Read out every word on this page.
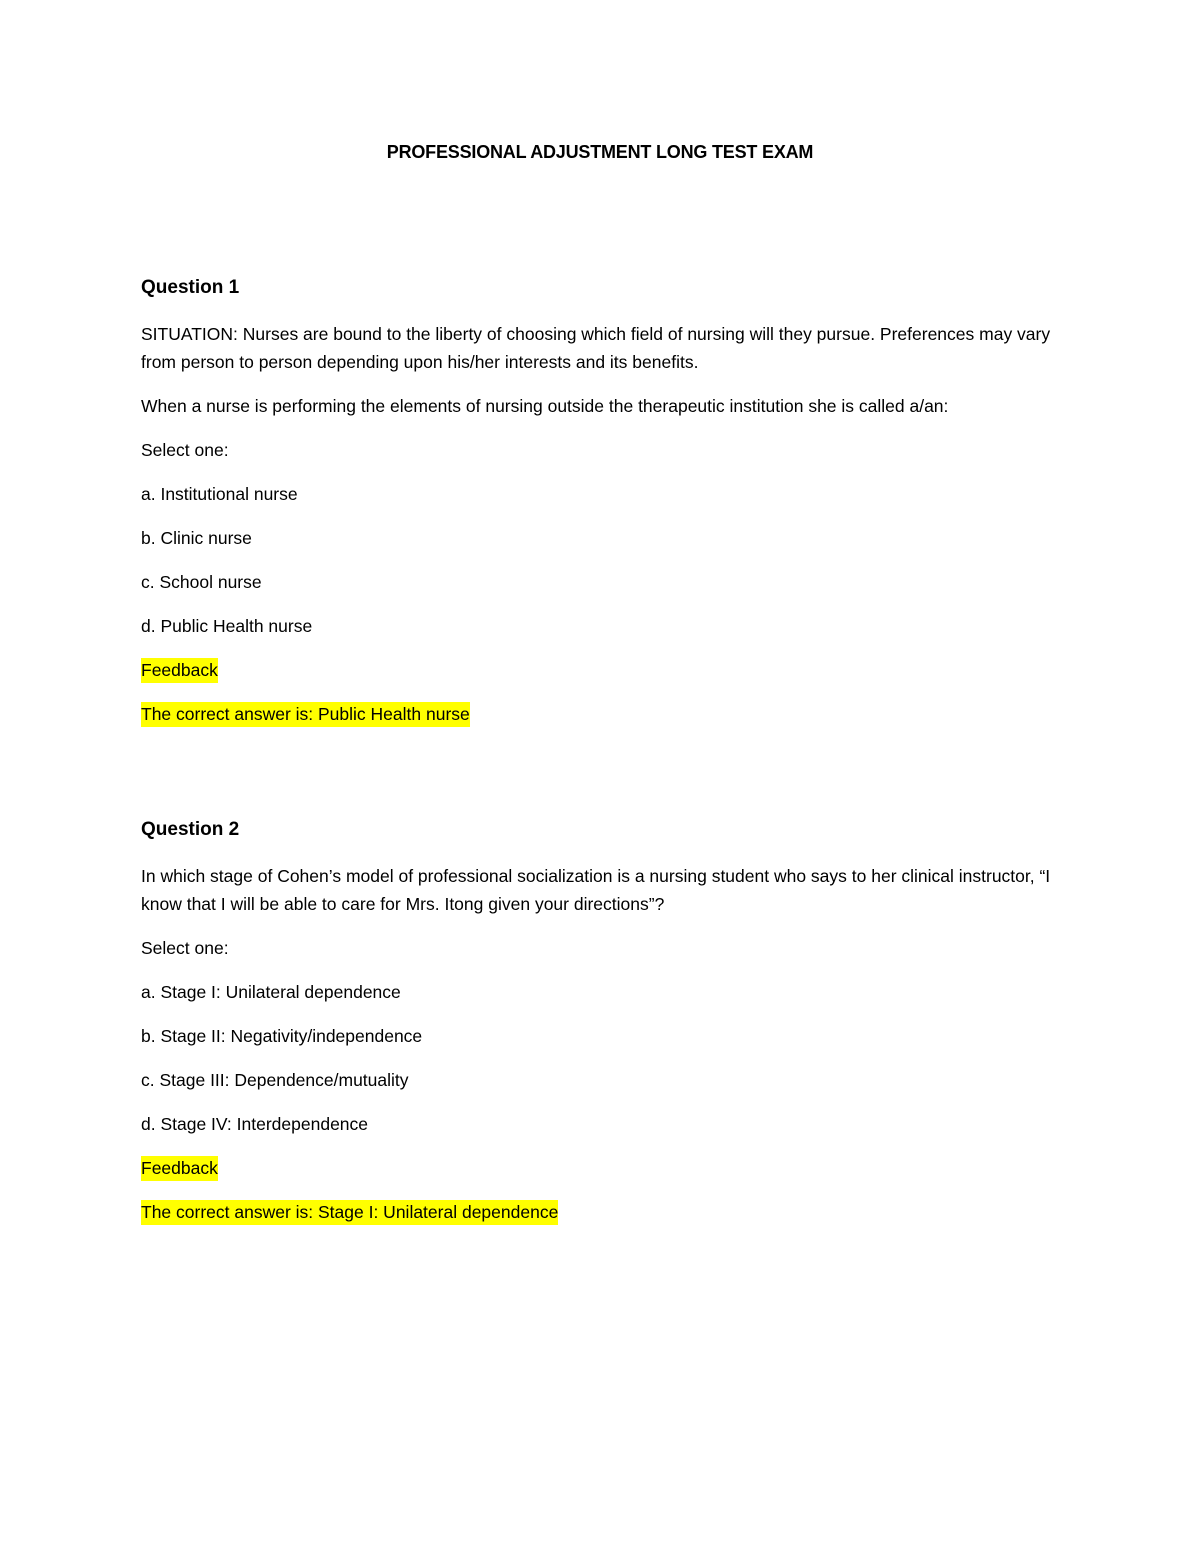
PROFESSIONAL ADJUSTMENT LONG TEST EXAM

Question 1

SITUATION: Nurses are bound to the liberty of choosing which field of nursing will they pursue. Preferences may vary from person to person depending upon his/her interests and its benefits.

When a nurse is performing the elements of nursing outside the therapeutic institution she is called a/an:

Select one:

a. Institutional nurse

b. Clinic nurse

c. School nurse

d. Public Health nurse

Feedback

The correct answer is: Public Health nurse

Question 2

In which stage of Cohen’s model of professional socialization is a nursing student who says to her clinical instructor, “I know that I will be able to care for Mrs. Itong given your directions”?

Select one:

a. Stage I: Unilateral dependence

b. Stage II: Negativity/independence

c. Stage III: Dependence/mutuality

d. Stage IV: Interdependence

Feedback

The correct answer is: Stage I: Unilateral dependence
